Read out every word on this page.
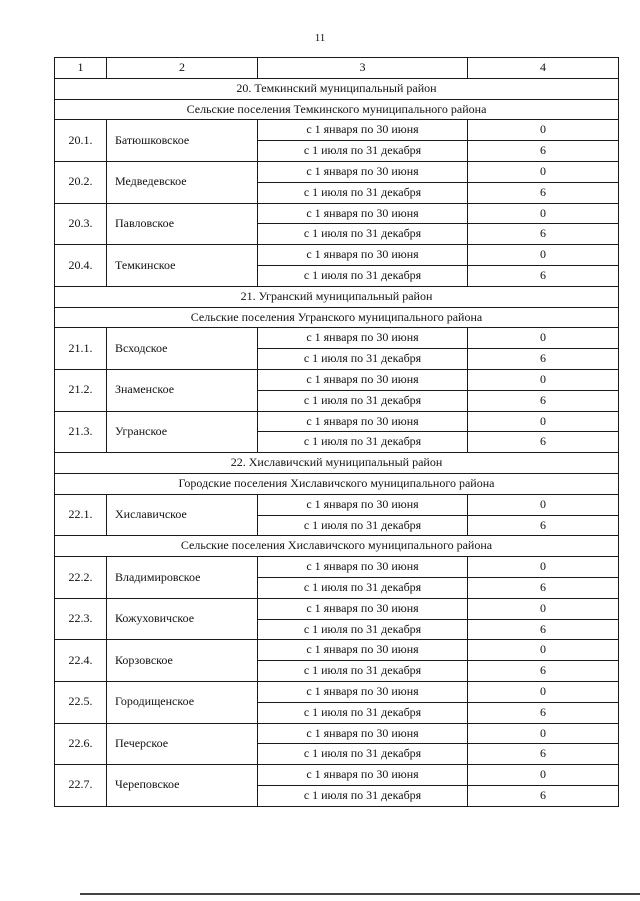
11
1	2	3	4
20. Темкинский муниципальный район			
Сельские поселения Темкинского муниципального района			
20.1.	Батюшковское	с 1 января по 30 июня	0
		с 1 июля по 31 декабря	6
20.2.	Медведевское	с 1 января по 30 июня	0
		с 1 июля по 31 декабря	6
20.3.	Павловское	с 1 января по 30 июня	0
		с 1 июля по 31 декабря	6
20.4.	Темкинское	с 1 января по 30 июня	0
		с 1 июля по 31 декабря	6
21. Угранский муниципальный район			
Сельские поселения Угранского муниципального района			
21.1.	Всходское	с 1 января по 30 июня	0
		с 1 июля по 31 декабря	6
21.2.	Знаменское	с 1 января по 30 июня	0
		с 1 июля по 31 декабря	6
21.3.	Угранское	с 1 января по 30 июня	0
		с 1 июля по 31 декабря	6
22. Хиславичский муниципальный район			
Городские поселения Хиславичского муниципального района			
22.1.	Хиславичское	с 1 января по 30 июня	0
		с 1 июля по 31 декабря	6
Сельские поселения Хиславичского муниципального района			
22.2.	Владимировское	с 1 января по 30 июня	0
		с 1 июля по 31 декабря	6
22.3.	Кожуховичское	с 1 января по 30 июня	0
		с 1 июля по 31 декабря	6
22.4.	Корзовское	с 1 января по 30 июня	0
		с 1 июля по 31 декабря	6
22.5.	Городищенское	с 1 января по 30 июня	0
		с 1 июля по 31 декабря	6
22.6.	Печерское	с 1 января по 30 июня	0
		с 1 июля по 31 декабря	6
22.7.	Череповское	с 1 января по 30 июня	0
		с 1 июля по 31 декабря	6
